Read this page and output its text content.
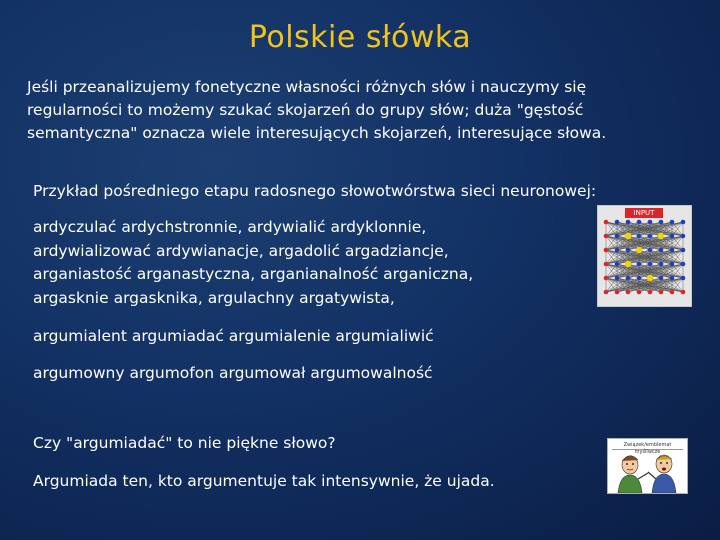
Polskie słówka
Jeśli przeanalizujemy fonetyczne własności różnych słów i nauczymy się
regularności to możemy szukać skojarzeń do grupy słów; duża "gęstość
semantyczna" oznacza wiele interesujących skojarzeń, interesujące słowa.
Przykład pośredniego etapu radosnego słowotwórstwa sieci neuronowej:
ardyczulać ardychstronnie, ardywialić ardyklonnie,
ardywializować ardywianacje, argadolić argadziancje,
arganiastość arganastyczna, arganianalność arganiczna,
argasknie argasknika, argulachny argatywista,
argumialent argumiadać argumialenie argumialiwić
argumowny argumofon argumował argumowalność
Czy "argumiadać" to nie piękne słowo?
Argumiada ten, kto argumentuje tak intensywnie, że ujada.
INPUT
Związek/emblemat myśliwcze
